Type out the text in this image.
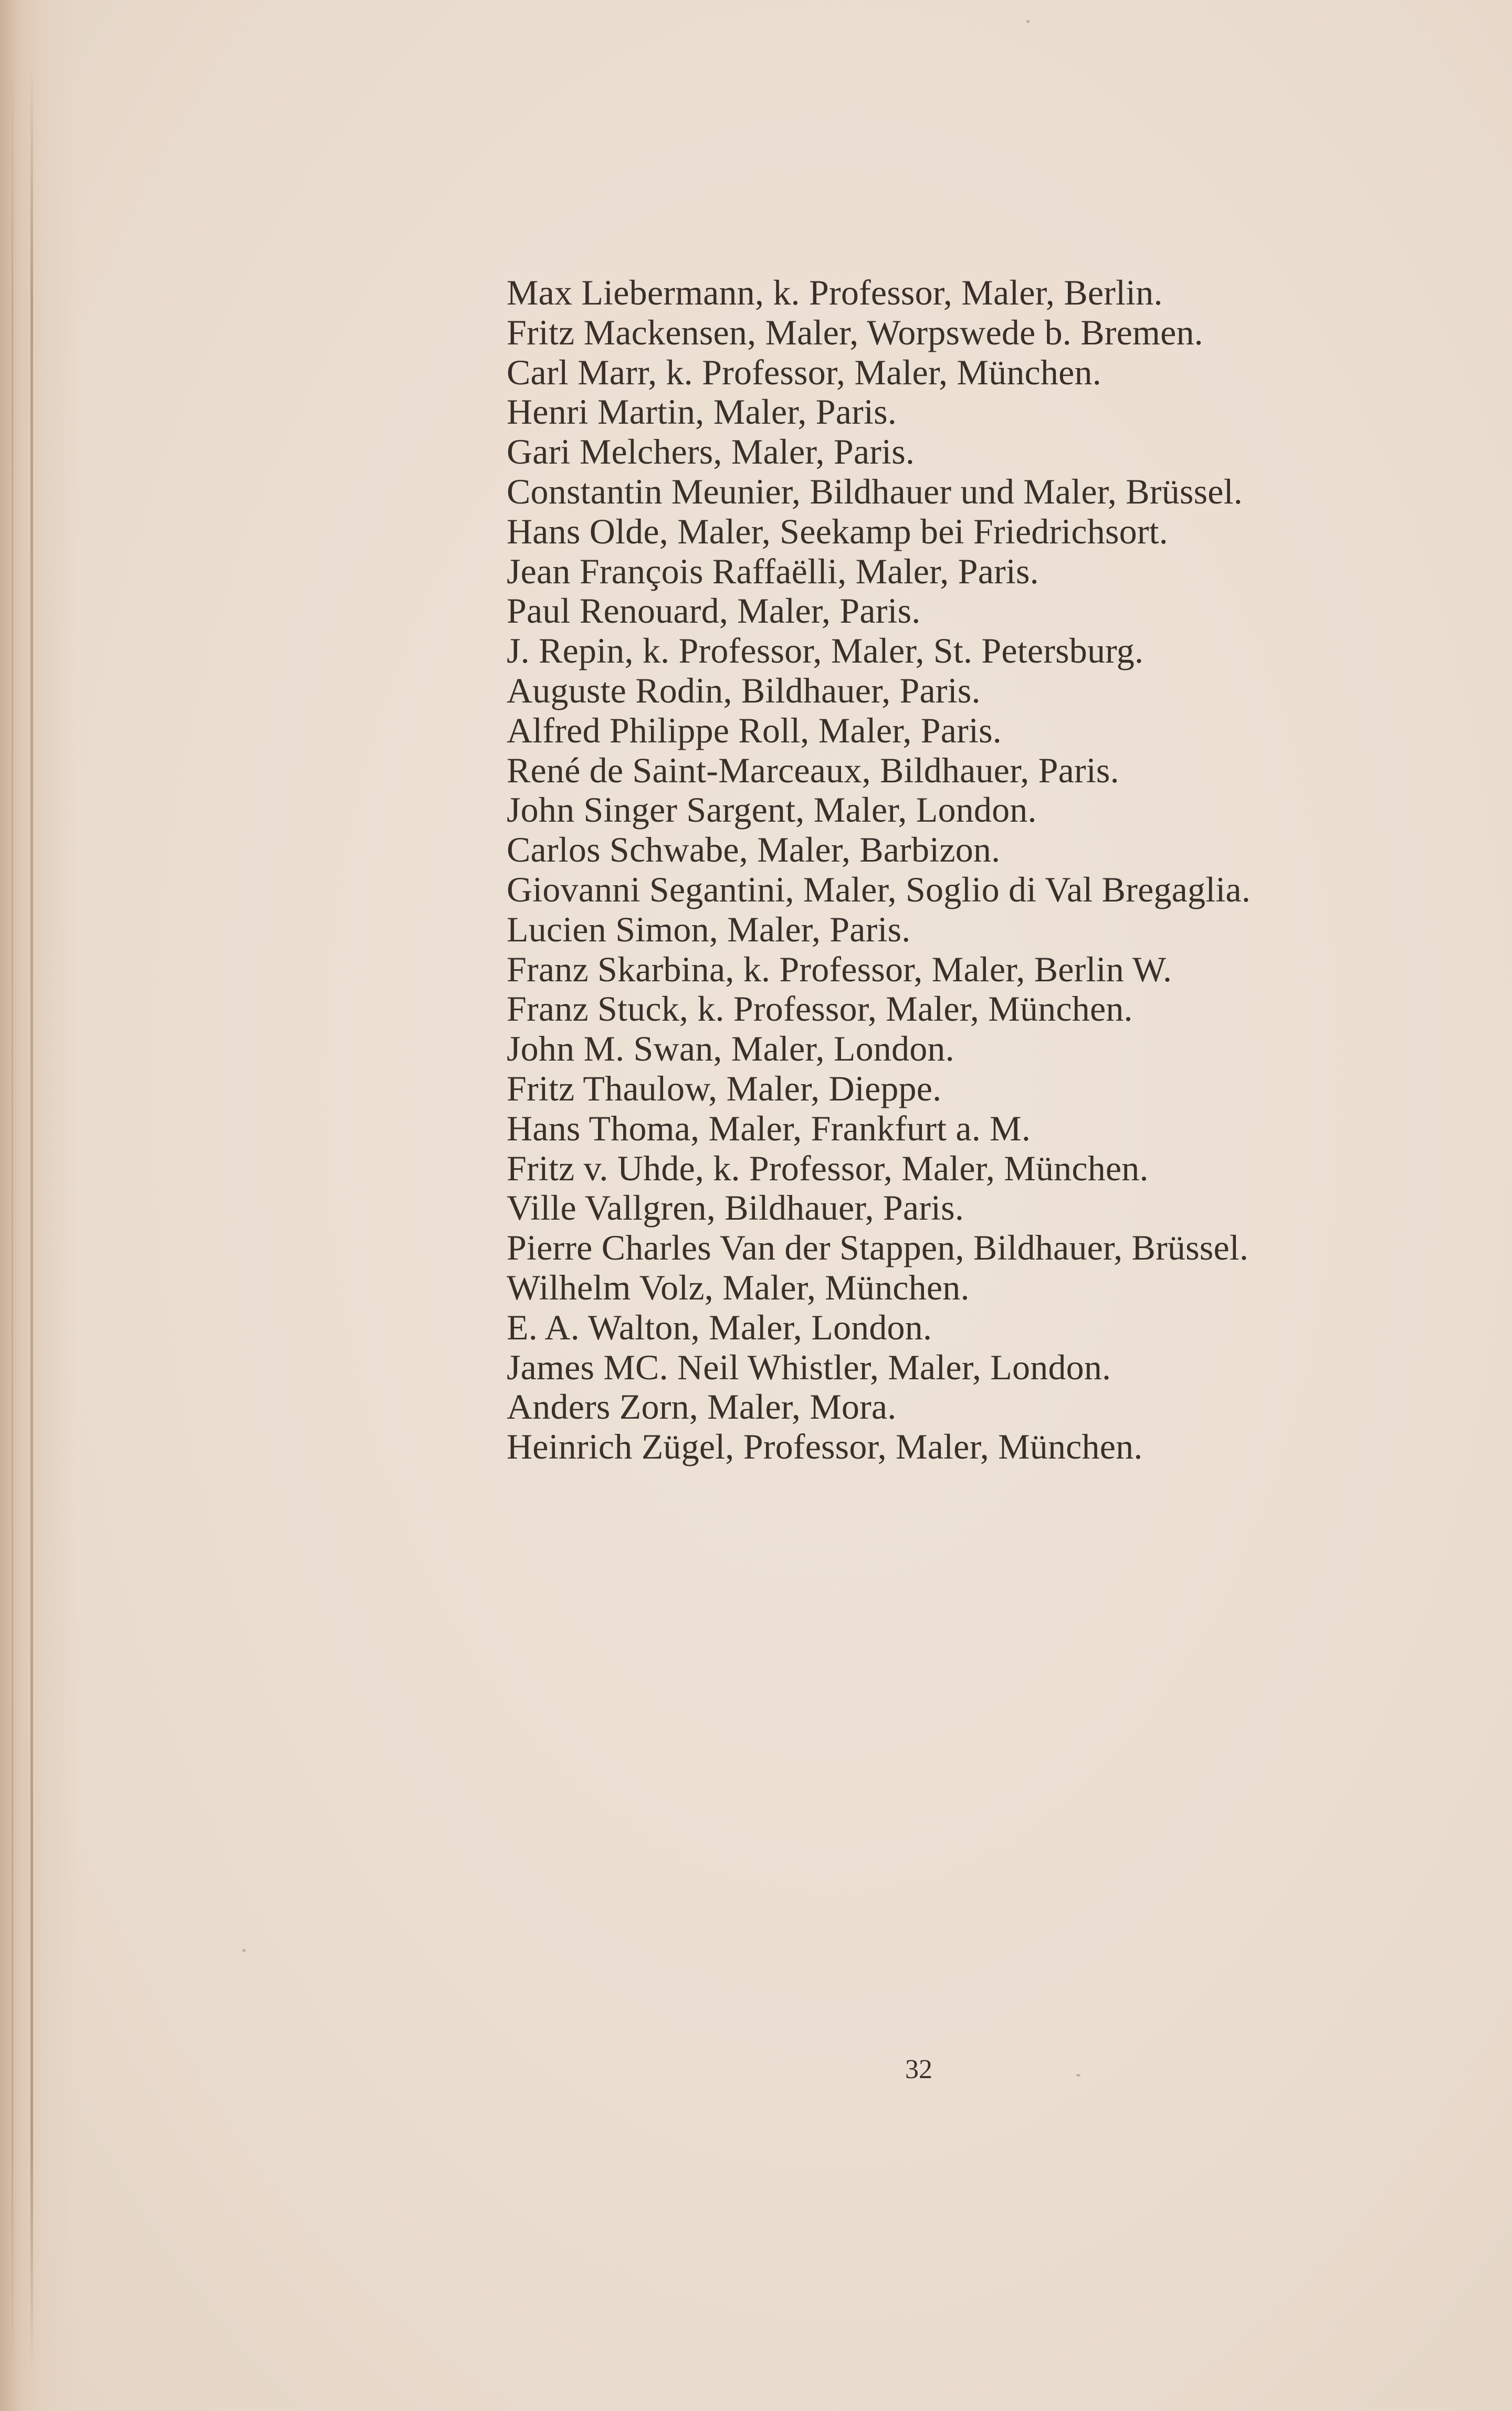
Max Liebermann, k. Professor, Maler, Berlin.
Fritz Mackensen, Maler, Worpswede b. Bremen.
Carl Marr, k. Professor, Maler, München.
Henri Martin, Maler, Paris.
Gari Melchers, Maler, Paris.
Constantin Meunier, Bildhauer und Maler, Brüssel.
Hans Olde, Maler, Seekamp bei Friedrichsort.
Jean François Raffaëlli, Maler, Paris.
Paul Renouard, Maler, Paris.
J. Repin, k. Professor, Maler, St. Petersburg.
Auguste Rodin, Bildhauer, Paris.
Alfred Philippe Roll, Maler, Paris.
René de Saint-Marceaux, Bildhauer, Paris.
John Singer Sargent, Maler, London.
Carlos Schwabe, Maler, Barbizon.
Giovanni Segantini, Maler, Soglio di Val Bregaglia.
Lucien Simon, Maler, Paris.
Franz Skarbina, k. Professor, Maler, Berlin W.
Franz Stuck, k. Professor, Maler, München.
John M. Swan, Maler, London.
Fritz Thaulow, Maler, Dieppe.
Hans Thoma, Maler, Frankfurt a. M.
Fritz v. Uhde, k. Professor, Maler, München.
Ville Vallgren, Bildhauer, Paris.
Pierre Charles Van der Stappen, Bildhauer, Brüssel.
Wilhelm Volz, Maler, München.
E. A. Walton, Maler, London.
James MC. Neil Whistler, Maler, London.
Anders Zorn, Maler, Mora.
Heinrich Zügel, Professor, Maler, München.
32
